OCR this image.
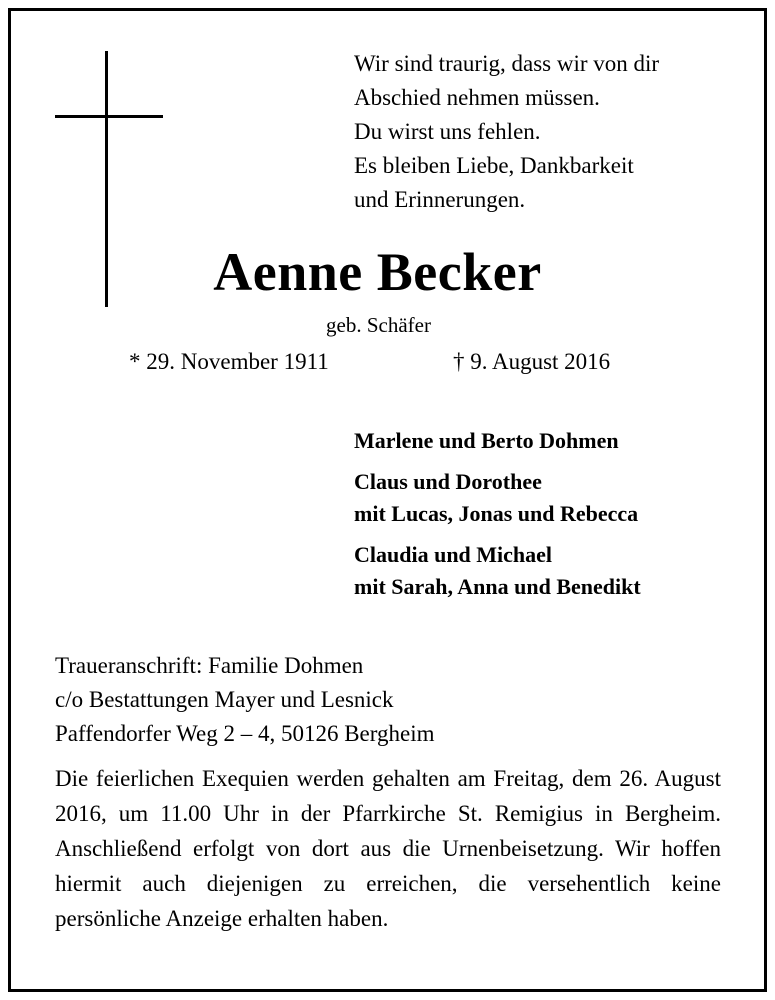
Wir sind traurig, dass wir von dir
Abschied nehmen müssen.
Du wirst uns fehlen.
Es bleiben Liebe, Dankbarkeit
und Erinnerungen.
Aenne Becker
geb. Schäfer
* 29. November 1911	† 9. August 2016
Marlene und Berto Dohmen
Claus und Dorothee
mit Lucas, Jonas und Rebecca
Claudia und Michael
mit Sarah, Anna und Benedikt
Traueranschrift: Familie Dohmen
c/o Bestattungen Mayer und Lesnick
Paffendorfer Weg 2 – 4, 50126 Bergheim
Die feierlichen Exequien werden gehalten am Freitag, dem 26. August 2016, um 11.00 Uhr in der Pfarrkirche St. Remigius in Bergheim. Anschließend erfolgt von dort aus die Urnenbeisetzung. Wir hoffen hiermit auch diejenigen zu erreichen, die versehentlich keine persönliche Anzeige erhalten haben.
